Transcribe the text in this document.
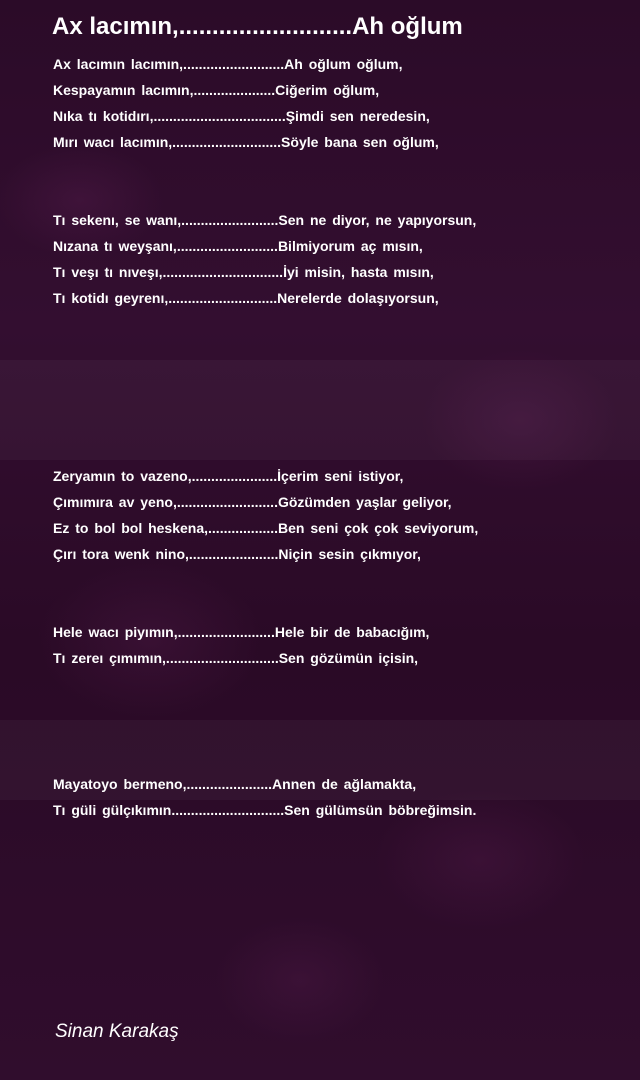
Ax lacımın,..........................Ah oğlum
Ax lacımın lacımın,..........................Ah oğlum oğlum,
Kespayamın lacımın,.....................Ciğerim oğlum,
Nıka tı kotidırı,..................................Şimdi sen neredesin,
Mırı wacı lacımın,............................Söyle bana sen oğlum,
Tı sekenı, se wanı,.........................Sen ne diyor, ne yapıyorsun,
Nızana tı weyşanı,..........................Bilmiyorum aç mısın,
Tı veşı tı nıveşı,...............................İyi misin, hasta mısın,
Tı kotidı geyrenı,............................Nerelerde dolaşıyorsun,
Zeryamın to vazeno,......................İçerim seni istiyor,
Çımımıra av yeno,..........................Gözümden yaşlar geliyor,
Ez to bol bol heskena,..................Ben seni çok çok seviyorum,
Çırı tora wenk nino,.......................Niçin sesin çıkmıyor,
Hele wacı piyımın,.........................Hele bir de babacığım,
Tı zereı çımımın,.............................Sen gözümün içisin,
Mayatoyo bermeno,......................Annen de ağlamakta,
Tı güli gülçıkımın.............................Sen gülümsün böbreğimsin.
Sinan Karakaş
